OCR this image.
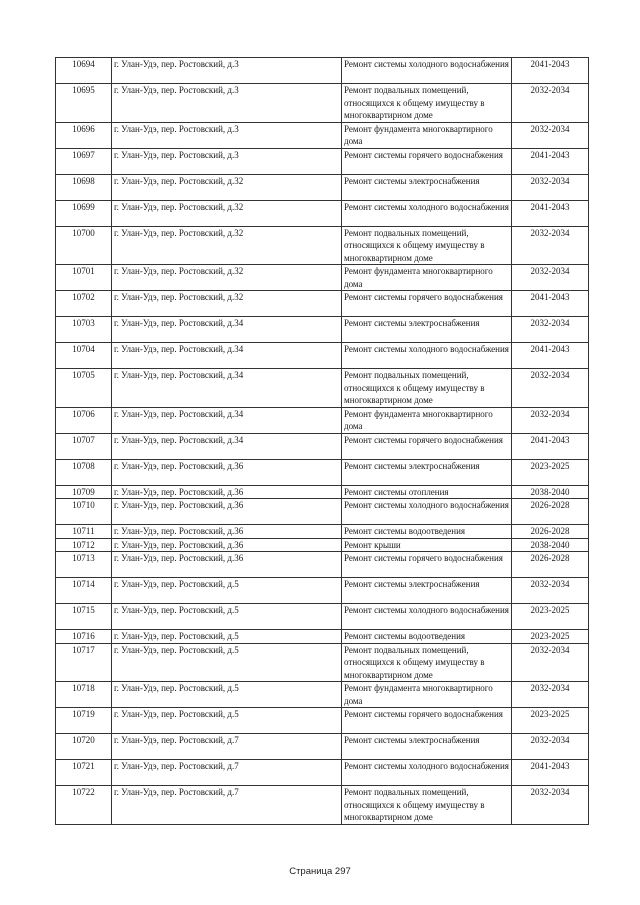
10694	г. Улан-Удэ, пер. Ростовский, д.3	Ремонт системы холодного водоснабжения	2041-2043
10695	г. Улан-Удэ, пер. Ростовский, д.3	Ремонт подвальных помещений, относящихся к общему имуществу в многоквартирном доме	2032-2034
10696	г. Улан-Удэ, пер. Ростовский, д.3	Ремонт фундамента многоквартирного дома	2032-2034
10697	г. Улан-Удэ, пер. Ростовский, д.3	Ремонт системы горячего водоснабжения	2041-2043
10698	г. Улан-Удэ, пер. Ростовский, д.32	Ремонт системы электроснабжения	2032-2034
10699	г. Улан-Удэ, пер. Ростовский, д.32	Ремонт системы холодного водоснабжения	2041-2043
10700	г. Улан-Удэ, пер. Ростовский, д.32	Ремонт подвальных помещений, относящихся к общему имуществу в многоквартирном доме	2032-2034
10701	г. Улан-Удэ, пер. Ростовский, д.32	Ремонт фундамента многоквартирного дома	2032-2034
10702	г. Улан-Удэ, пер. Ростовский, д.32	Ремонт системы горячего водоснабжения	2041-2043
10703	г. Улан-Удэ, пер. Ростовский, д.34	Ремонт системы электроснабжения	2032-2034
10704	г. Улан-Удэ, пер. Ростовский, д.34	Ремонт системы холодного водоснабжения	2041-2043
10705	г. Улан-Удэ, пер. Ростовский, д.34	Ремонт подвальных помещений, относящихся к общему имуществу в многоквартирном доме	2032-2034
10706	г. Улан-Удэ, пер. Ростовский, д.34	Ремонт фундамента многоквартирного дома	2032-2034
10707	г. Улан-Удэ, пер. Ростовский, д.34	Ремонт системы горячего водоснабжения	2041-2043
10708	г. Улан-Удэ, пер. Ростовский, д.36	Ремонт системы электроснабжения	2023-2025
10709	г. Улан-Удэ, пер. Ростовский, д.36	Ремонт системы отопления	2038-2040
10710	г. Улан-Удэ, пер. Ростовский, д.36	Ремонт системы холодного водоснабжения	2026-2028
10711	г. Улан-Удэ, пер. Ростовский, д.36	Ремонт системы водоотведения	2026-2028
10712	г. Улан-Удэ, пер. Ростовский, д.36	Ремонт крыши	2038-2040
10713	г. Улан-Удэ, пер. Ростовский, д.36	Ремонт системы горячего водоснабжения	2026-2028
10714	г. Улан-Удэ, пер. Ростовский, д.5	Ремонт системы электроснабжения	2032-2034
10715	г. Улан-Удэ, пер. Ростовский, д.5	Ремонт системы холодного водоснабжения	2023-2025
10716	г. Улан-Удэ, пер. Ростовский, д.5	Ремонт системы водоотведения	2023-2025
10717	г. Улан-Удэ, пер. Ростовский, д.5	Ремонт подвальных помещений, относящихся к общему имуществу в многоквартирном доме	2032-2034
10718	г. Улан-Удэ, пер. Ростовский, д.5	Ремонт фундамента многоквартирного дома	2032-2034
10719	г. Улан-Удэ, пер. Ростовский, д.5	Ремонт системы горячего водоснабжения	2023-2025
10720	г. Улан-Удэ, пер. Ростовский, д.7	Ремонт системы электроснабжения	2032-2034
10721	г. Улан-Удэ, пер. Ростовский, д.7	Ремонт системы холодного водоснабжения	2041-2043
10722	г. Улан-Удэ, пер. Ростовский, д.7	Ремонт подвальных помещений, относящихся к общему имуществу в многоквартирном доме	2032-2034
Страница 297
